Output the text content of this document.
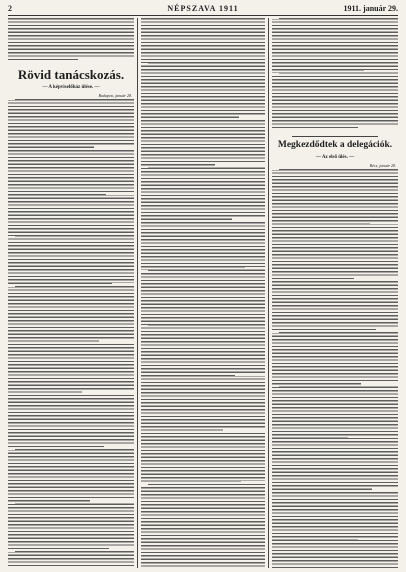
2	NÉPSZAVA 1911	1911. január 29.
Rövid tanácskozás.
— A képviselőház ülése. —
Budapest, január 28.
Megkezdődtek a delegációk.
— Az első ülés. —
Bécs, január 28.
